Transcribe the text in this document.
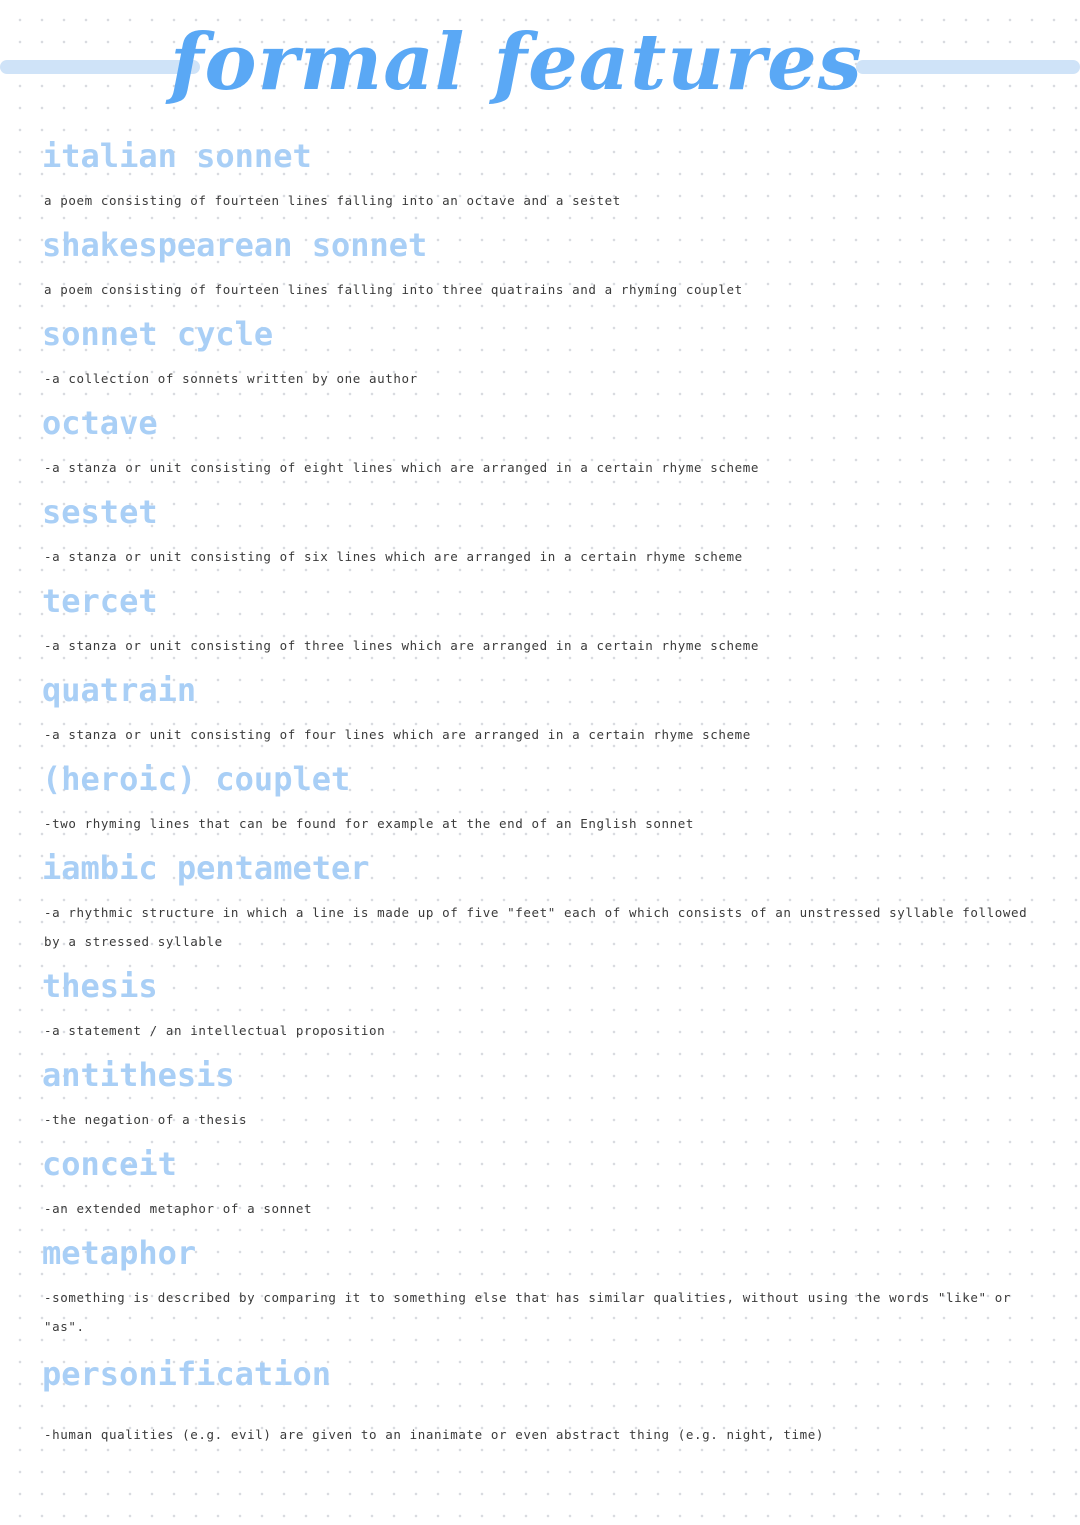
formal features
italian sonnet

a poem consisting of fourteen lines falling into an octave and a sestet

shakespearean sonnet

a poem consisting of fourteen lines falling into three quatrains and a rhyming couplet

sonnet cycle

-a collection of sonnets written by one author

octave

-a stanza or unit consisting of eight lines which are arranged in a certain rhyme scheme

sestet

-a stanza or unit consisting of six lines which are arranged in a certain rhyme scheme

tercet

-a stanza or unit consisting of three lines which are arranged in a certain rhyme scheme

quatrain

-a stanza or unit consisting of four lines which are arranged in a certain rhyme scheme

(heroic) couplet

-two rhyming lines that can be found for example at the end of an English sonnet

iambic pentameter

-a rhythmic structure in which a line is made up of five "feet" each of which consists of an unstressed syllable followed by a stressed syllable

thesis

-a statement / an intellectual proposition

antithesis

-the negation of a thesis

conceit

-an extended metaphor of a sonnet

metaphor

-something is described by comparing it to something else that has similar qualities, without using the words "like" or "as".

personification

-human qualities (e.g. evil) are given to an inanimate or even abstract thing (e.g. night, time)
